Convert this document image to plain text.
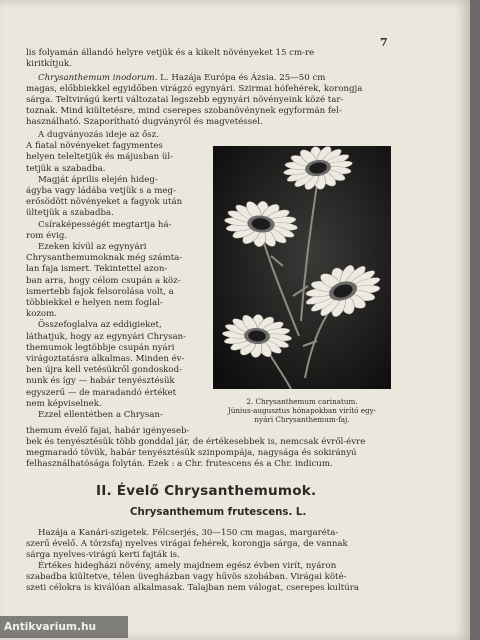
7
lis folyamán állandó helyre vetjük és a kikelt növényeket 15 cm-re
kiritkítjuk.
Chrysanthemum inodorum. L. Hazája Európa és Ázsia. 25—50 cm
magas, előbbiekkel egyidőben virágzó egynyári. Szirmai hófehérek, korongja
sárga. Teltvirágú kerti változatai legszebb egynyári növényeink közé tar-
toznak. Mind kiültetésre, mind cserepes szobanövénynek egyformán fel-
használható. Szaporítható dugványról és magvetéssel.
A dugványozás ideje az ősz.
A fiatal növényeket fagymentes
helyen teleltetjük és májusban ül-
tetjük a szabadba.
Magját április elején hideg-
ágyba vagy ládába vetjük s a meg-
erősödött növényeket a fagyok után
ültetjük a szabadba.
Csíraképességét megtartja há-
rom évig.
Ezeken kívül az egynyári
Chrysanthemumoknak még számta-
lan faja ismert. Tekintettel azon-
ban arra, hogy célom csupán a köz-
ismertebb fajok felsorolása volt, a
többiekkel e helyen nem foglal-
kozom.
Összefoglalva az eddigieket,
láthatjuk, hogy az egynyári Chrysan-
themumok legtöbbje csupán nyári
virágoztatásra alkalmas. Minden év-
ben újra kell vetésükről gondoskod-
nunk és így — habár tenyésztésük
egyszerű — de maradandó értéket
nem képviselnek.
Ezzel ellentétben a Chrysan-
2. Chrysanthemum carinatum.
Június-augusztus hónapokban virító egy-
nyári Chrysanthemum-faj.
themum évelő fajai, habár igényeseb-
bek és tenyésztésük több gonddal jár, de értékesebbek is, nemcsak évről-évre
megmaradó tövük, habár tenyésztésük szinpompája, nagysága és sokirányú
felhasználhatósága folytán. Ezek : a Chr. frutescens és a Chr. indicum.
II. Évelő Chrysanthemumok.
Chrysanthemum frutescens. L.
Hazája a Kanári-szigetek. Félcserjés, 30—150 cm magas, margaréta-
szerű évelő. A törzsfaj nyelves virágai fehérek, korongja sárga, de vannak
sárga nyelves-virágú kerti fajták is.
Értékes hidegházi növény, amely majdnem egész évben virít, nyáron
szabadba kiültetve, télen üvegházban vagy hűvös szobában. Virágai köté-
szeti célokra is kiválóan alkalmasak. Talajban nem válogat, cserepes kultúra
Antikvarium.hu
